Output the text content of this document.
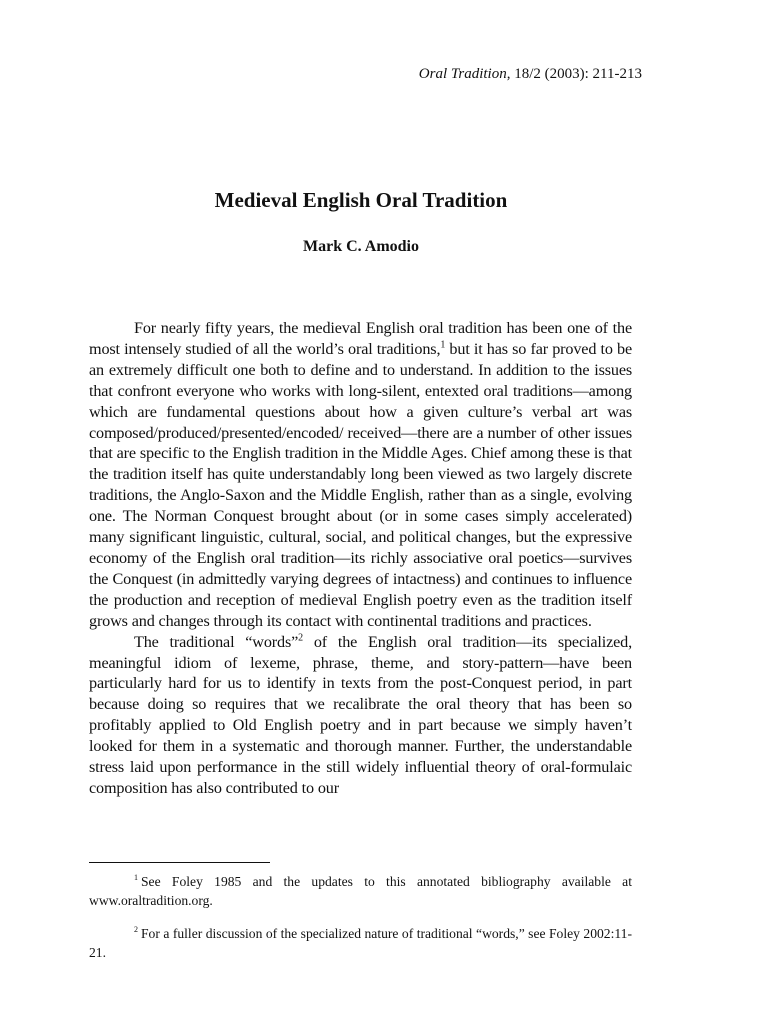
Oral Tradition, 18/2 (2003): 211-213
Medieval English Oral Tradition
Mark C. Amodio

For nearly fifty years, the medieval English oral tradition has been one of the most intensely studied of all the world’s oral traditions,$^1$ but it has so far proved to be an extremely difficult one both to define and to understand. In addition to the issues that confront everyone who works with long-silent, entexted oral traditions—among which are fundamental questions about how a given culture’s verbal art was composed/produced/presented/encoded/ received—there are a number of other issues that are specific to the English tradition in the Middle Ages. Chief among these is that the tradition itself has quite understandably long been viewed as two largely discrete traditions, the Anglo-Saxon and the Middle English, rather than as a single, evolving one. The Norman Conquest brought about (or in some cases simply accelerated) many significant linguistic, cultural, social, and political changes, but the expressive economy of the English oral tradition—its richly associative oral poetics—survives the Conquest (in admittedly varying degrees of intactness) and continues to influence the production and reception of medieval English poetry even as the tradition itself grows and changes through its contact with continental traditions and practices.

The traditional “words”$^2$ of the English oral tradition—its specialized, meaningful idiom of lexeme, phrase, theme, and story-pattern—have been particularly hard for us to identify in texts from the post-Conquest period, in part because doing so requires that we recalibrate the oral theory that has been so profitably applied to Old English poetry and in part because we simply haven’t looked for them in a systematic and thorough manner. Further, the understandable stress laid upon performance in the still widely influential theory of oral-formulaic composition has also contributed to our

$^1$ See Foley 1985 and the updates to this annotated bibliography available at www.oraltradition.org.

$^2$ For a fuller discussion of the specialized nature of traditional “words,” see Foley 2002:11-21.
